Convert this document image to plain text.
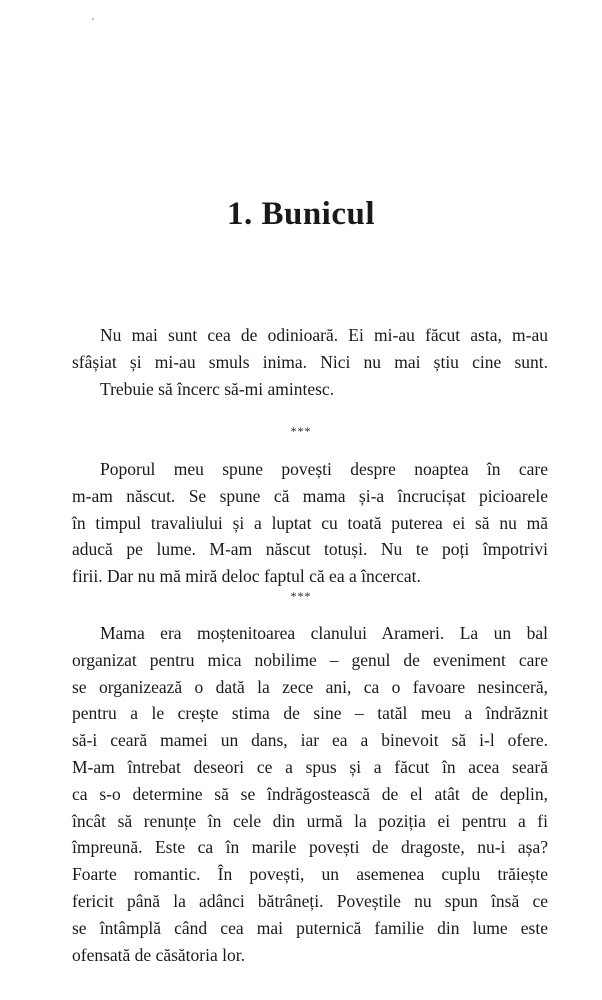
1. Bunicul
Nu mai sunt cea de odinioară. Ei mi-au făcut asta, m-au
sfâșiat și mi-au smuls inima. Nici nu mai știu cine sunt.
Trebuie să încerc să-mi amintesc.

***

Poporul meu spune povești despre noaptea în care
m-am născut. Se spune că mama și-a încrucișat picioarele
în timpul travaliului și a luptat cu toată puterea ei să nu mă
aducă pe lume. M-am născut totuși. Nu te poți împotrivi
firii. Dar nu mă miră deloc faptul că ea a încercat.

***

Mama era moștenitoarea clanului Arameri. La un bal
organizat pentru mica nobilime – genul de eveniment care
se organizează o dată la zece ani, ca o favoare nesinceră,
pentru a le crește stima de sine – tatăl meu a îndrăznit
să-i ceară mamei un dans, iar ea a binevoit să i-l ofere.
M-am întrebat deseori ce a spus și a făcut în acea seară
ca s-o determine să se îndrăgostească de el atât de deplin,
încât să renunțe în cele din urmă la poziția ei pentru a fi
împreună. Este ca în marile povești de dragoste, nu-i așa?
Foarte romantic. În povești, un asemenea cuplu trăiește
fericit până la adânci bătrâneți. Poveștile nu spun însă ce
se întâmplă când cea mai puternică familie din lume este
ofensată de căsătoria lor.
